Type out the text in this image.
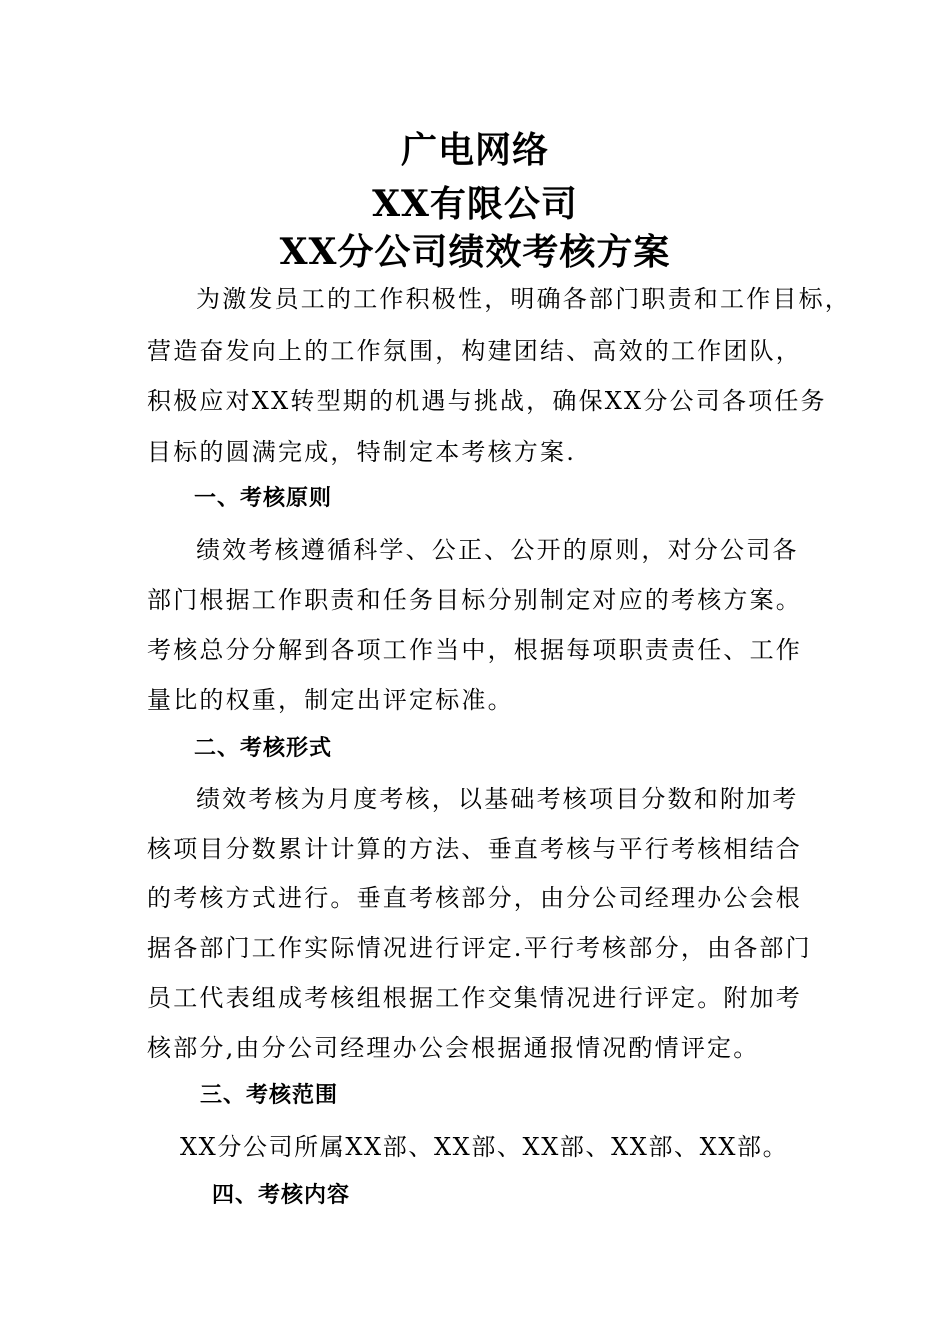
广电网络
XX有限公司
XX分公司绩效考核方案
为激发员工的工作积极性，明确各部门职责和工作目标，
营造奋发向上的工作氛围，构建团结、高效的工作团队，
积极应对XX转型期的机遇与挑战，确保XX分公司各项任务
目标的圆满完成，特制定本考核方案.
一、考核原则
绩效考核遵循科学、公正、公开的原则，对分公司各
部门根据工作职责和任务目标分别制定对应的考核方案。
考核总分分解到各项工作当中，根据每项职责责任、工作
量比的权重，制定出评定标准。
二、考核形式
绩效考核为月度考核，以基础考核项目分数和附加考
核项目分数累计计算的方法、垂直考核与平行考核相结合
的考核方式进行。垂直考核部分，由分公司经理办公会根
据各部门工作实际情况进行评定.平行考核部分，由各部门
员工代表组成考核组根据工作交集情况进行评定。附加考
核部分,由分公司经理办公会根据通报情况酌情评定。
三、考核范围
XX分公司所属XX部、XX部、XX部、XX部、XX部。
四、考核内容
